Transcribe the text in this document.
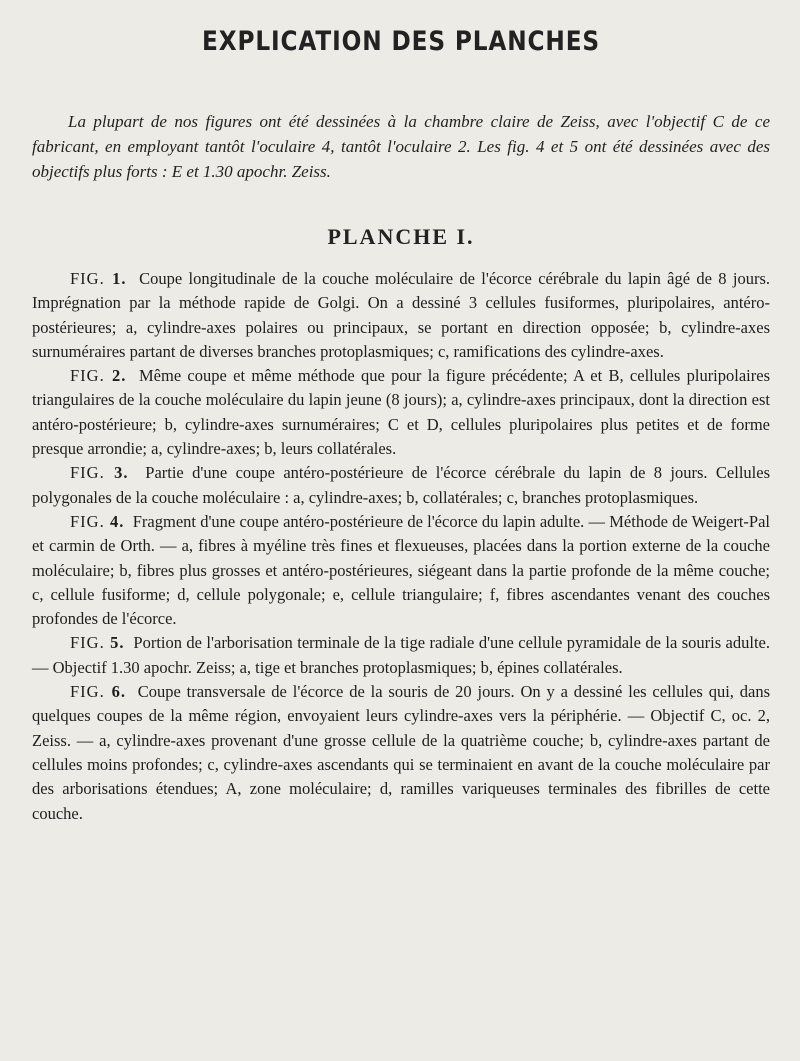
EXPLICATION DES PLANCHES

La plupart de nos figures ont été dessinées à la chambre claire de Zeiss, avec l'objectif C de ce fabricant, en employant tantôt l'oculaire 4, tantôt l'oculaire 2. Les fig. 4 et 5 ont été dessinées avec des objectifs plus forts : E et 1.30 apochr. Zeiss.

PLANCHE I.

FIG. 1. Coupe longitudinale de la couche moléculaire de l'écorce cérébrale du lapin âgé de 8 jours. Imprégnation par la méthode rapide de Golgi. On a dessiné 3 cellules fusiformes, pluripolaires, antéro-postérieures; a, cylindre-axes polaires ou principaux, se portant en direction opposée; b, cylindre-axes surnuméraires partant de diverses branches protoplasmiques; c, ramifications des cylindre-axes.

FIG. 2. Même coupe et même méthode que pour la figure précédente; A et B, cellules pluripolaires triangulaires de la couche moléculaire du lapin jeune (8 jours); a, cylindre-axes principaux, dont la direction est antéro-postérieure; b, cylindre-axes surnuméraires; C et D, cellules pluripolaires plus petites et de forme presque arrondie; a, cylindre-axes; b, leurs collatérales.

FIG. 3. Partie d'une coupe antéro-postérieure de l'écorce cérébrale du lapin de 8 jours. Cellules polygonales de la couche moléculaire : a, cylindre-axes; b, collatérales; c, branches protoplasmiques.

FIG. 4. Fragment d'une coupe antéro-postérieure de l'écorce du lapin adulte. — Méthode de Weigert-Pal et carmin de Orth. — a, fibres à myéline très fines et flexueuses, placées dans la portion externe de la couche moléculaire; b, fibres plus grosses et antéro-postérieures, siégeant dans la partie profonde de la même couche; c, cellule fusiforme; d, cellule polygonale; e, cellule triangulaire; f, fibres ascendantes venant des couches profondes de l'écorce.

FIG. 5. Portion de l'arborisation terminale de la tige radiale d'une cellule pyramidale de la souris adulte. — Objectif 1.30 apochr. Zeiss; a, tige et branches protoplasmiques; b, épines collatérales.

FIG. 6. Coupe transversale de l'écorce de la souris de 20 jours. On y a dessiné les cellules qui, dans quelques coupes de la même région, envoyaient leurs cylindre-axes vers la périphérie. — Objectif C, oc. 2, Zeiss. — a, cylindre-axes provenant d'une grosse cellule de la quatrième couche; b, cylindre-axes partant de cellules moins profondes; c, cylindre-axes ascendants qui se terminaient en avant de la couche moléculaire par des arborisations étendues; A, zone moléculaire; d, ramilles variqueuses terminales des fibrilles de cette couche.
